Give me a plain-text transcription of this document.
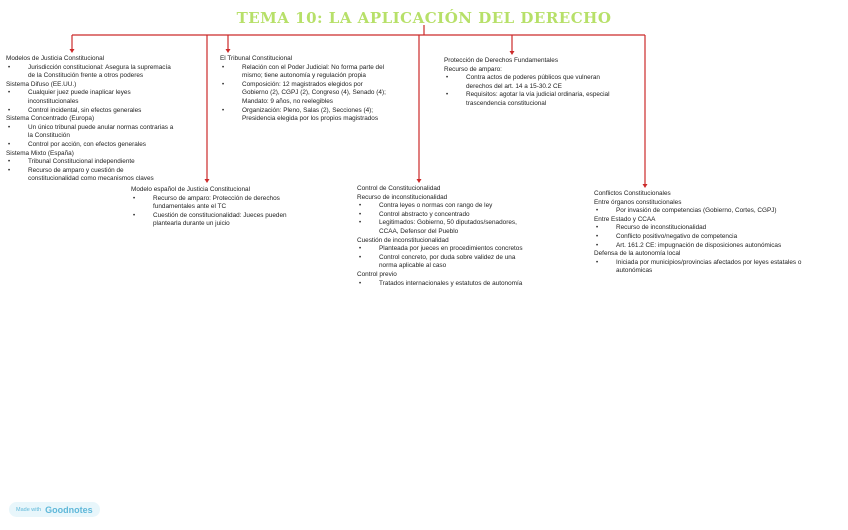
TEMA 10: LA APLICACIÓN DEL DERECHO
Modelos de Justicia Constitucional
• Jurisdicción constitucional: Asegura la supremacía
de la Constitución frente a otros poderes
Sistema Difuso (EE.UU.)
• Cualquier juez puede inaplicar leyes
inconstitucionales
• Control incidental, sin efectos generales
Sistema Concentrado (Europa)
• Un único tribunal puede anular normas contrarias a
la Constitución
• Control por acción, con efectos generales
Sistema Mixto (España)
• Tribunal Constitucional independiente
• Recurso de amparo y cuestión de
constitucionalidad como mecanismos claves
Modelo español de Justicia Constitucional
• Recurso de amparo: Protección de derechos
fundamentales ante el TC
• Cuestión de constitucionalidad: Jueces pueden
plantearla durante un juicio
El Tribunal Constitucional
• Relación con el Poder Judicial: No forma parte del
mismo; tiene autonomía y regulación propia
• Composición: 12 magistrados elegidos por
Gobierno (2), CGPJ (2), Congreso (4), Senado (4);
Mandato: 9 años, no reelegibles
• Organización: Pleno, Salas (2), Secciones (4);
Presidencia elegida por los propios magistrados
Control de Constitucionalidad
Recurso de inconstitucionalidad
• Contra leyes o normas con rango de ley
• Control abstracto y concentrado
• Legitimados: Gobierno, 50 diputados/senadores,
CCAA, Defensor del Pueblo
Cuestión de inconstitucionalidad
• Planteada por jueces en procedimientos concretos
• Control concreto, por duda sobre validez de una
norma aplicable al caso
Control previo
• Tratados internacionales y estatutos de autonomía
Protección de Derechos Fundamentales
Recurso de amparo:
• Contra actos de poderes públicos que vulneran
derechos del art. 14 a 15-30.2 CE
• Requisitos: agotar la vía judicial ordinaria, especial
trascendencia constitucional
Conflictos Constitucionales
Entre órganos constitucionales
• Por invasión de competencias (Gobierno, Cortes, CGPJ)
Entre Estado y CCAA
• Recurso de inconstitucionalidad
• Conflicto positivo/negativo de competencia
• Art. 161.2 CE: impugnación de disposiciones autonómicas
Defensa de la autonomía local
• Iniciada por municipios/provincias afectados por leyes estatales o
autonómicas
Made with Goodnotes
